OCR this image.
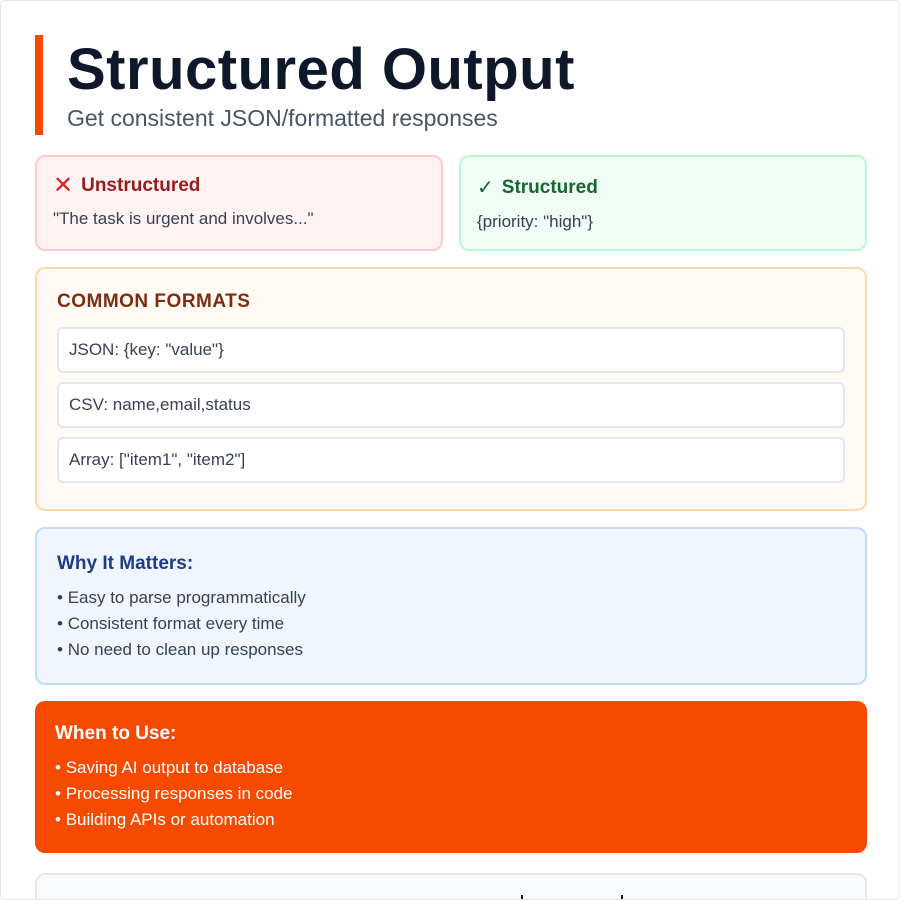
Structured Output
Get consistent JSON/formatted responses
✕ Unstructured
"The task is urgent and involves..."
✓ Structured
{priority: "high"}
COMMON FORMATS
JSON: {key: "value"}
CSV: name,email,status
Array: ["item1", "item2"]
Why It Matters:
• Easy to parse programmatically
• Consistent format every time
• No need to clean up responses
When to Use:
• Saving AI output to database
• Processing responses in code
• Building APIs or automation
